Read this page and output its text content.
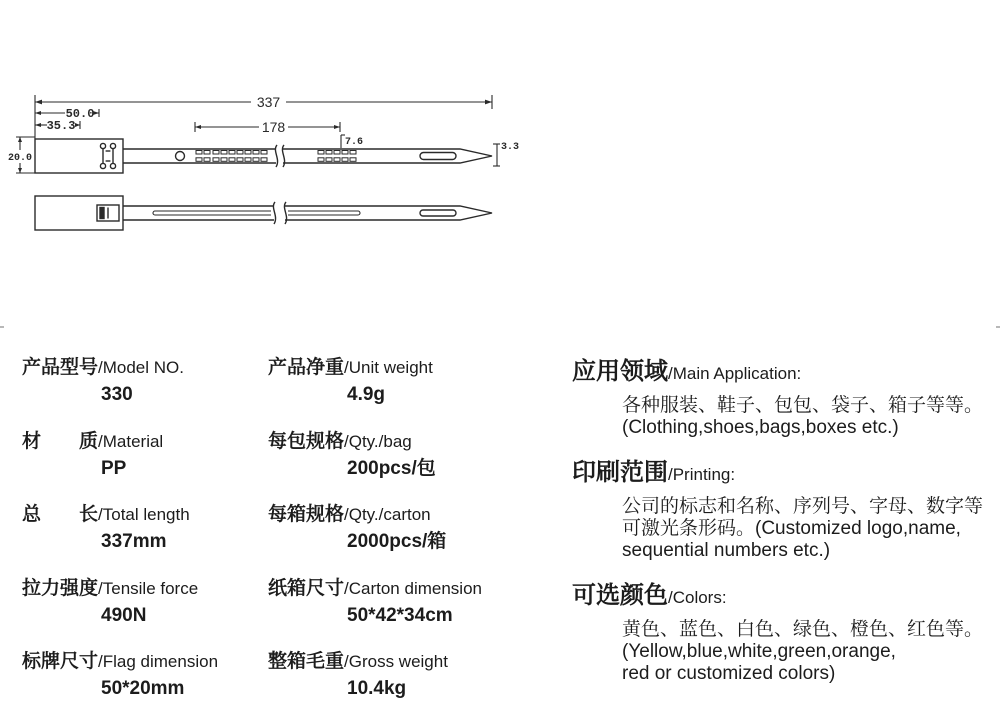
337
50.0
35.3	178
7.6	3.3
20.0
产品型号/Model NO.
330
材　　质/Material
PP
总　　长/Total length
337mm
拉力强度/Tensile force
490N
标牌尺寸/Flag dimension
50*20mm
产品净重/Unit weight
4.9g
每包规格/Qty./bag
200pcs/包
每箱规格/Qty./carton
2000pcs/箱
纸箱尺寸/Carton dimension
50*42*34cm
整箱毛重/Gross weight
10.4kg
应用领域/Main Application:
各种服装、鞋子、包包、袋子、箱子等等。
(Clothing,shoes,bags,boxes etc.)
印刷范围/Printing:
公司的标志和名称、序列号、字母、数字等
可激光条形码。(Customized logo,name,
sequential numbers etc.)
可选颜色/Colors:
黄色、蓝色、白色、绿色、橙色、红色等。
(Yellow,blue,white,green,orange,
red or customized colors)
